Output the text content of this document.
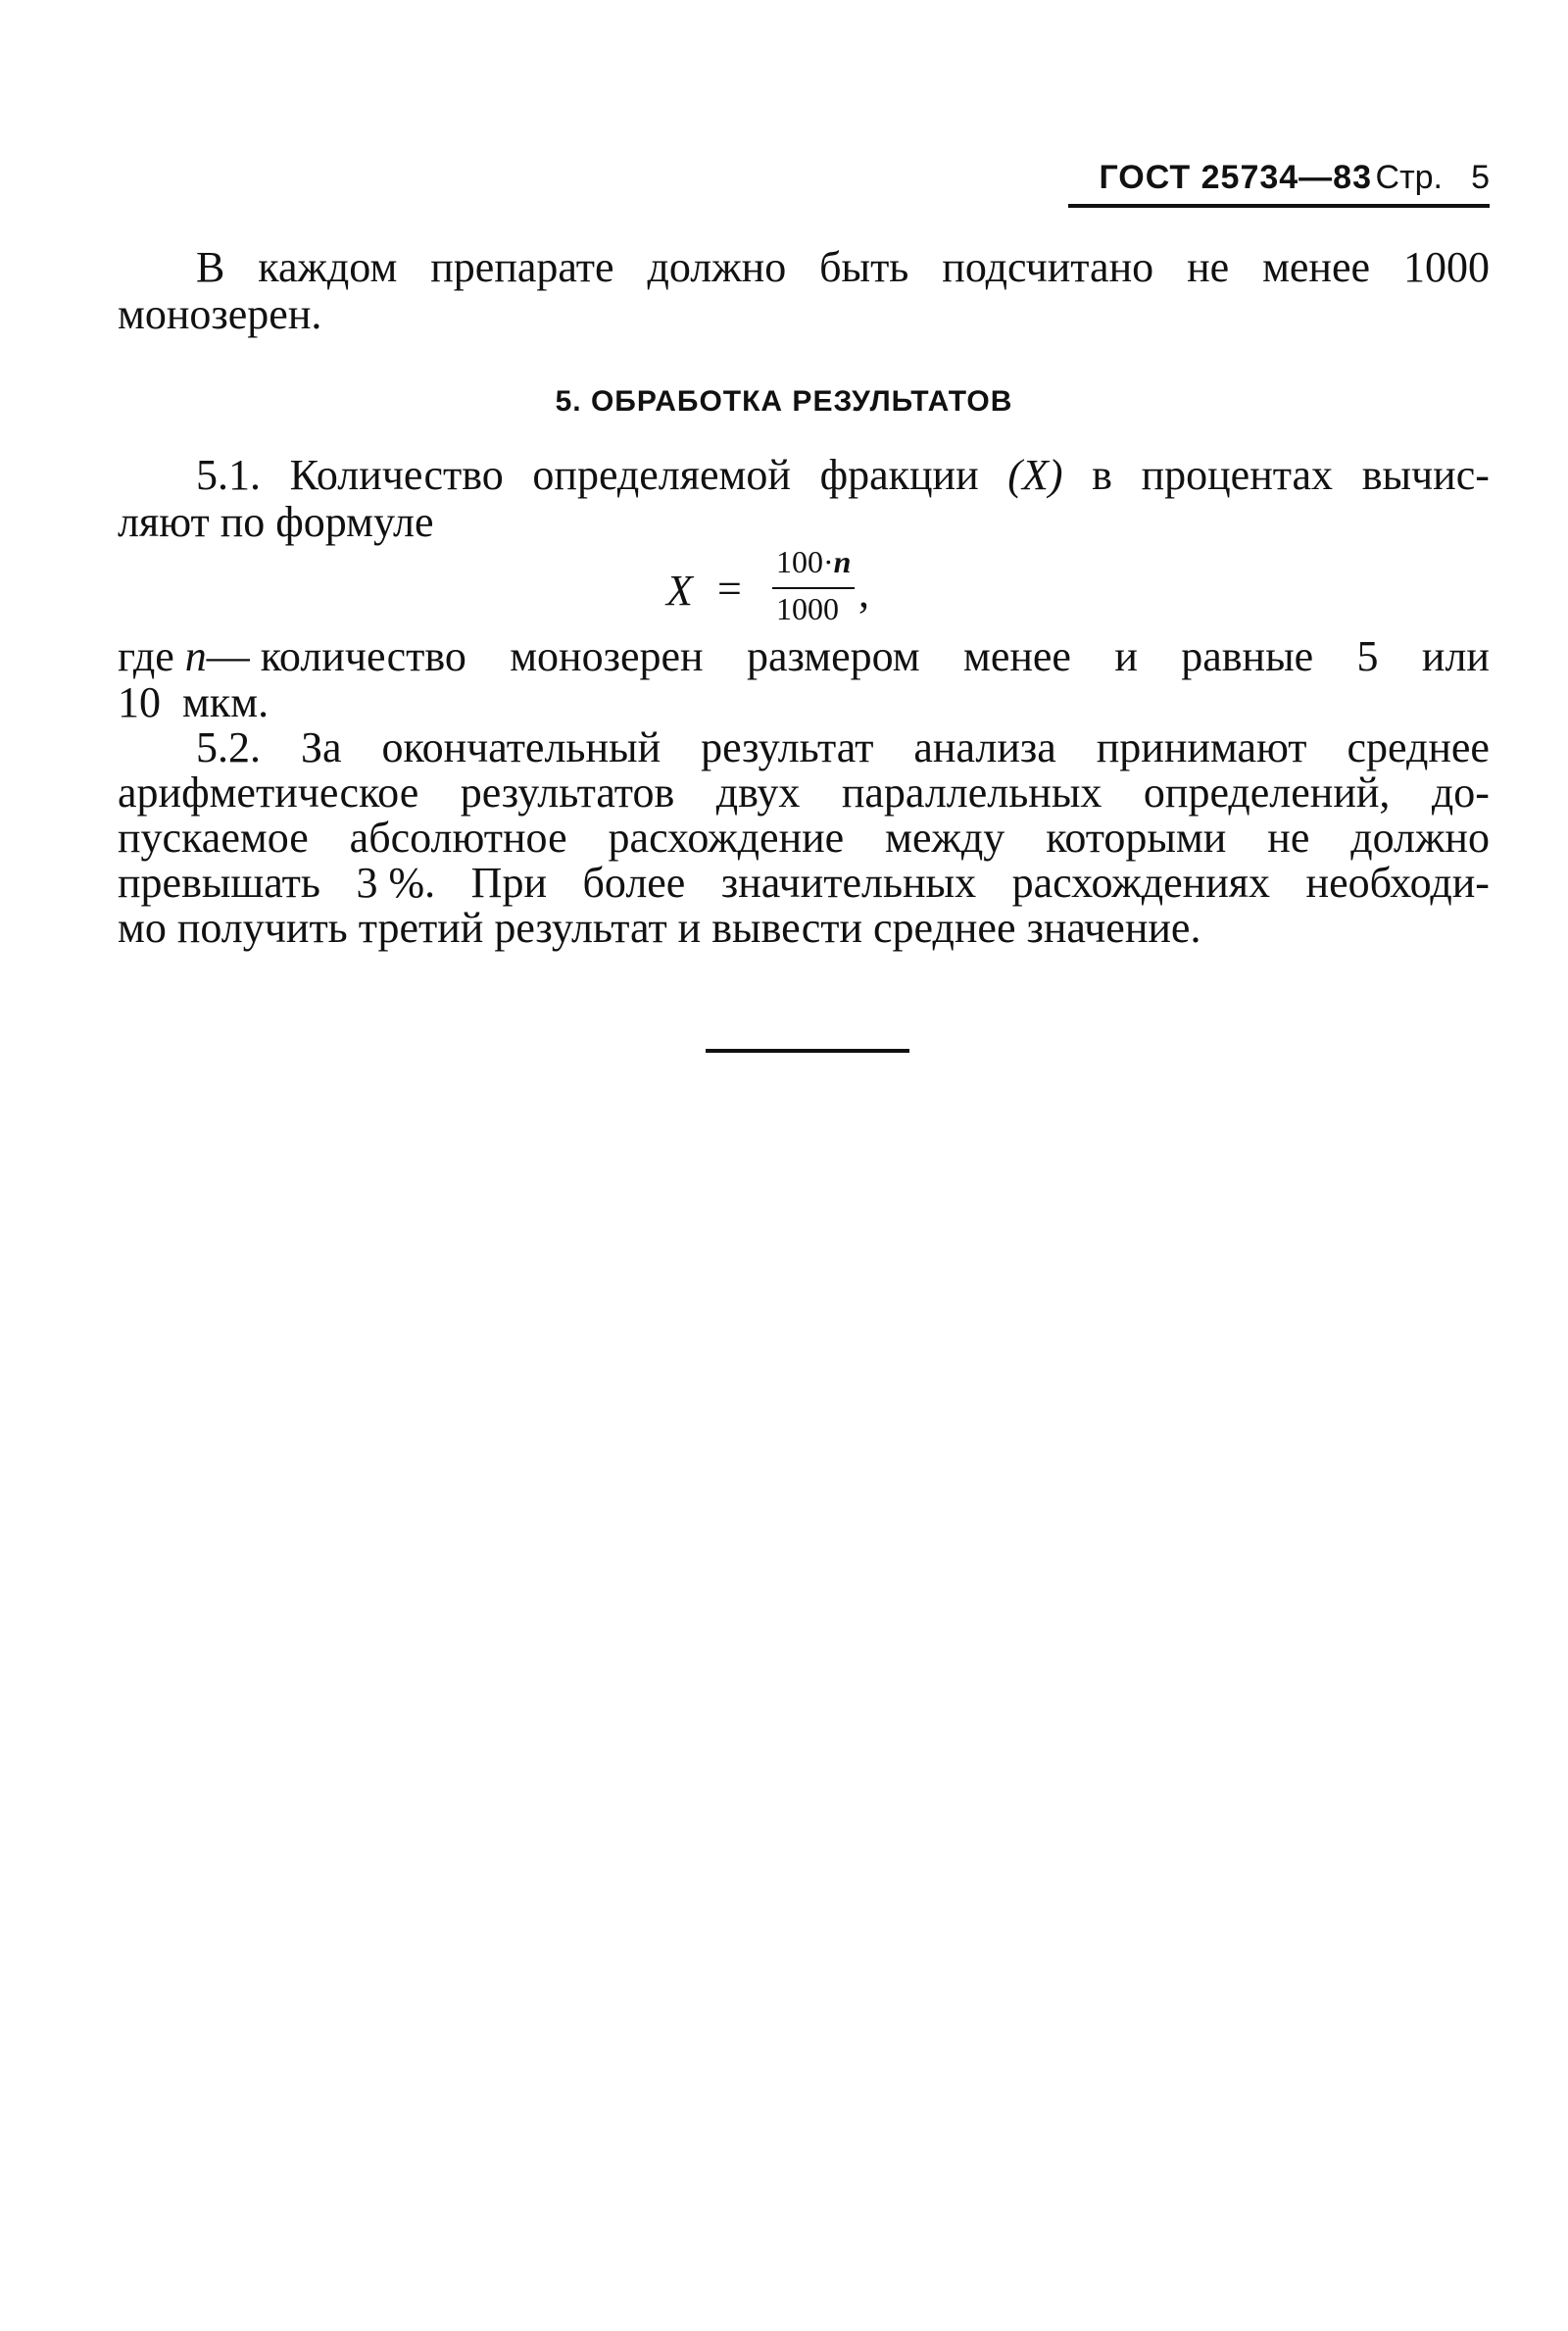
ГОСТ 25734—83 Стр. 5
В каждом препарате должно быть подсчитано не менее 1000
монозерен.
5. ОБРАБОТКА РЕЗУЛЬТАТОВ
5.1. Количество определяемой фракции (X) в процентах вычис-
ляют по формуле
X =
100·n
1000 ,
где n— количество монозерен размером менее и равные 5 или
10  мкм.
5.2. За окончательный результат анализа принимают среднее
арифметическое результатов двух параллельных определений, до-
пускаемое абсолютное расхождение между которыми не должно
превышать 3 %. При более значительных расхождениях необходи-
мо получить третий результат и вывести среднее значение.
